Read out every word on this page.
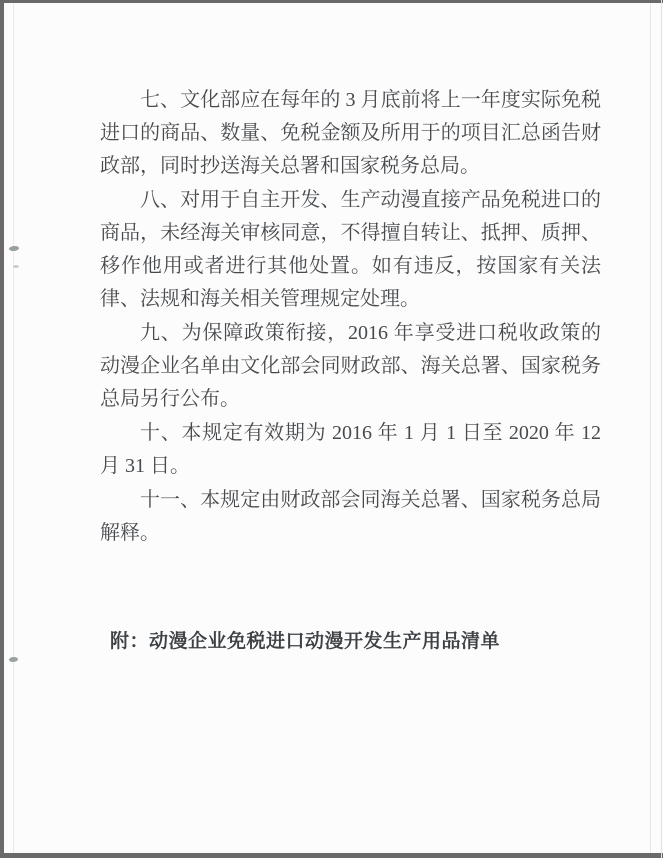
七、文化部应在每年的 3 月底前将上一年度实际免税进口的商品、数量、免税金额及所用于的项目汇总函告财政部，同时抄送海关总署和国家税务总局。

八、对用于自主开发、生产动漫直接产品免税进口的商品，未经海关审核同意，不得擅自转让、抵押、质押、移作他用或者进行其他处置。如有违反，按国家有关法律、法规和海关相关管理规定处理。

九、为保障政策衔接，2016 年享受进口税收政策的动漫企业名单由文化部会同财政部、海关总署、国家税务总局另行公布。

十、本规定有效期为 2016 年 1 月 1 日至 2020 年 12 月 31 日。

十一、本规定由财政部会同海关总署、国家税务总局解释。

附：动漫企业免税进口动漫开发生产用品清单
